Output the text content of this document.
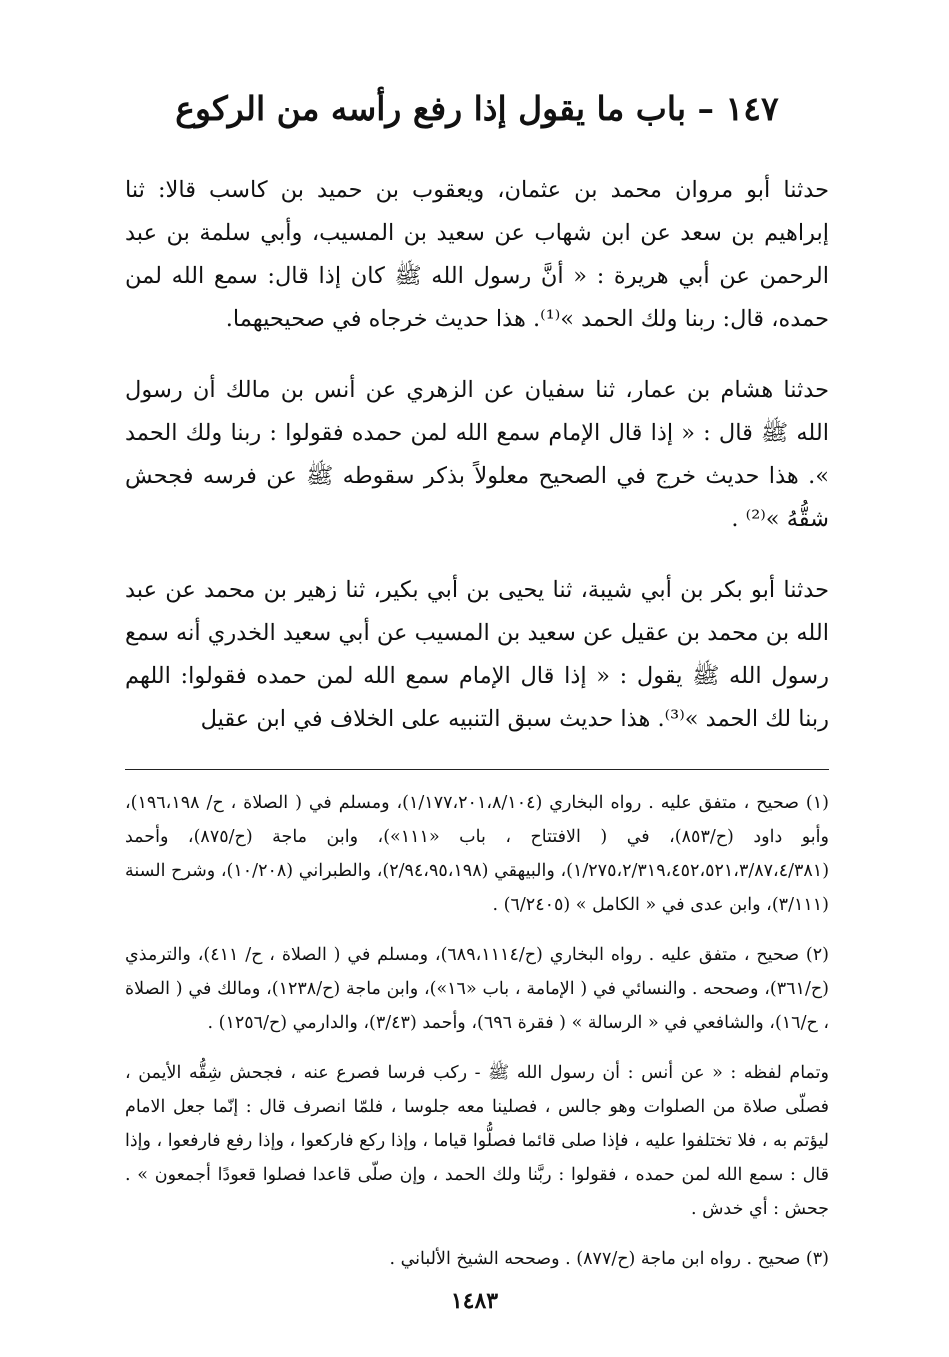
١٤٧ – باب ما يقول إذا رفع رأسه من الركوع

حدثنا أبو مروان محمد بن عثمان، ويعقوب بن حميد بن كاسب قالا: ثنا إبراهيم بن سعد عن ابن شهاب عن سعيد بن المسيب، وأبي سلمة بن عبد الرحمن عن أبي هريرة : « أنَّ رسول الله ﷺ كان إذا قال: سمع الله لمن حمده، قال: ربنا ولك الحمد »⁽¹⁾. هذا حديث خرجاه في صحيحيهما.

حدثنا هشام بن عمار، ثنا سفيان عن الزهري عن أنس بن مالك أن رسول الله ﷺ قال : « إذا قال الإمام سمع الله لمن حمده فقولوا : ربنا ولك الحمد ». هذا حديث خرج في الصحيح معلولاً بذكر سقوطه ﷺ عن فرسه فجحش شقُّهُ »⁽²⁾ .

حدثنا أبو بكر بن أبي شيبة، ثنا يحيى بن أبي بكير، ثنا زهير بن محمد عن عبد الله بن محمد بن عقيل عن سعيد بن المسيب عن أبي سعيد الخدري أنه سمع رسول الله ﷺ يقول : « إذا قال الإمام سمع الله لمن حمده فقولوا: اللهم ربنا لك الحمد »⁽³⁾. هذا حديث سبق التنبيه على الخلاف في ابن عقيل

(١) صحيح ، متفق عليه . رواه البخاري (١/١٧٧،٢٠١،٨/١٠٤)، ومسلم في ( الصلاة ، ح/ ١٩٦،١٩٨)، وأبو داود (ح/٨٥٣)، في ( الافتتاح ، باب «١١١»)، وابن ماجة (ح/٨٧٥)، وأحمد (١/٢٧٥،٢/٣١٩،٤٥٢،٥٢١،٣/٨٧،٤/٣٨١)، والبيهقي (٢/٩٤،٩٥،١٩٨)، والطبراني (١٠/٢٠٨)، وشرح السنة (٣/١١١)، وابن عدى في « الكامل » (٦/٢٤٠٥) .

(٢) صحيح ، متفق عليه . رواه البخاري (ح/٦٨٩،١١١٤)، ومسلم في ( الصلاة ، ح/ ٤١١)، والترمذي (ح/٣٦١)، وصححه . والنسائي في ( الإمامة ، باب «١٦»)، وابن ماجة (ح/١٢٣٨)، ومالك في ( الصلاة ، ح/١٦)، والشافعي في « الرسالة » ( فقرة ٦٩٦)، وأحمد (٣/٤٣)، والدارمي (ح/١٢٥٦) .

وتمام لفظه : « عن أنس : أن رسول الله ﷺ - ركب فرسا فصرع عنه ، فجحش شِقُّه الأيمن ، فصلّى صلاة من الصلوات وهو جالس ، فصلينا معه جلوسا ، فلمّا انصرف قال : إنّما جعل الامام ليؤتم به ، فلا تختلفوا عليه ، فإذا صلى قائما فصلُّوا قياما ، وإذا ركع فاركعوا ، وإذا رفع فارفعوا ، وإذا قال : سمع الله لمن حمده ، فقولوا : ربَّنا ولك الحمد ، وإن صلّى قاعدا فصلوا قعودًا أجمعون » . جحش : أي خدش .

(٣) صحيح . رواه ابن ماجة (ح/٨٧٧) . وصححه الشيخ الألباني .

١٤٨٣
